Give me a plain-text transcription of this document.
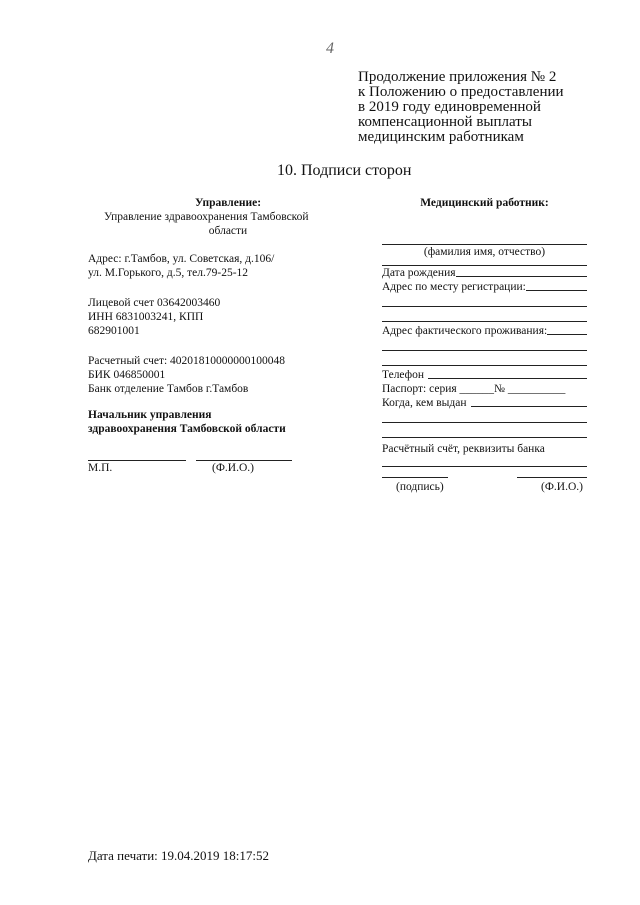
4
Продолжение приложения № 2
к Положению о предоставлении
в 2019 году единовременной
компенсационной выплаты
медицинским работникам
10. Подписи сторон
Управление:
Управление здравоохранения Тамбовской
области
Адрес: г.Тамбов, ул. Советская, д.106/
ул. М.Горького, д.5, тел.79-25-12
Лицевой счет 03642003460
ИНН 6831003241, КПП
682901001
Расчетный счет: 40201810000000100048
БИК 046850001
Банк отделение Тамбов г.Тамбов
Начальник управления
здравоохранения Тамбовской области
М.П.	(Ф.И.О.)
Медицинский работник:
(фамилия имя, отчество)
Дата рождения
Адрес по месту регистрации:
Адрес фактического проживания:
Телефон
Паспорт: серия ______№ __________
Когда, кем выдан
Расчётный счёт, реквизиты банка
(подпись)	(Ф.И.О.)
Дата печати: 19.04.2019 18:17:52
